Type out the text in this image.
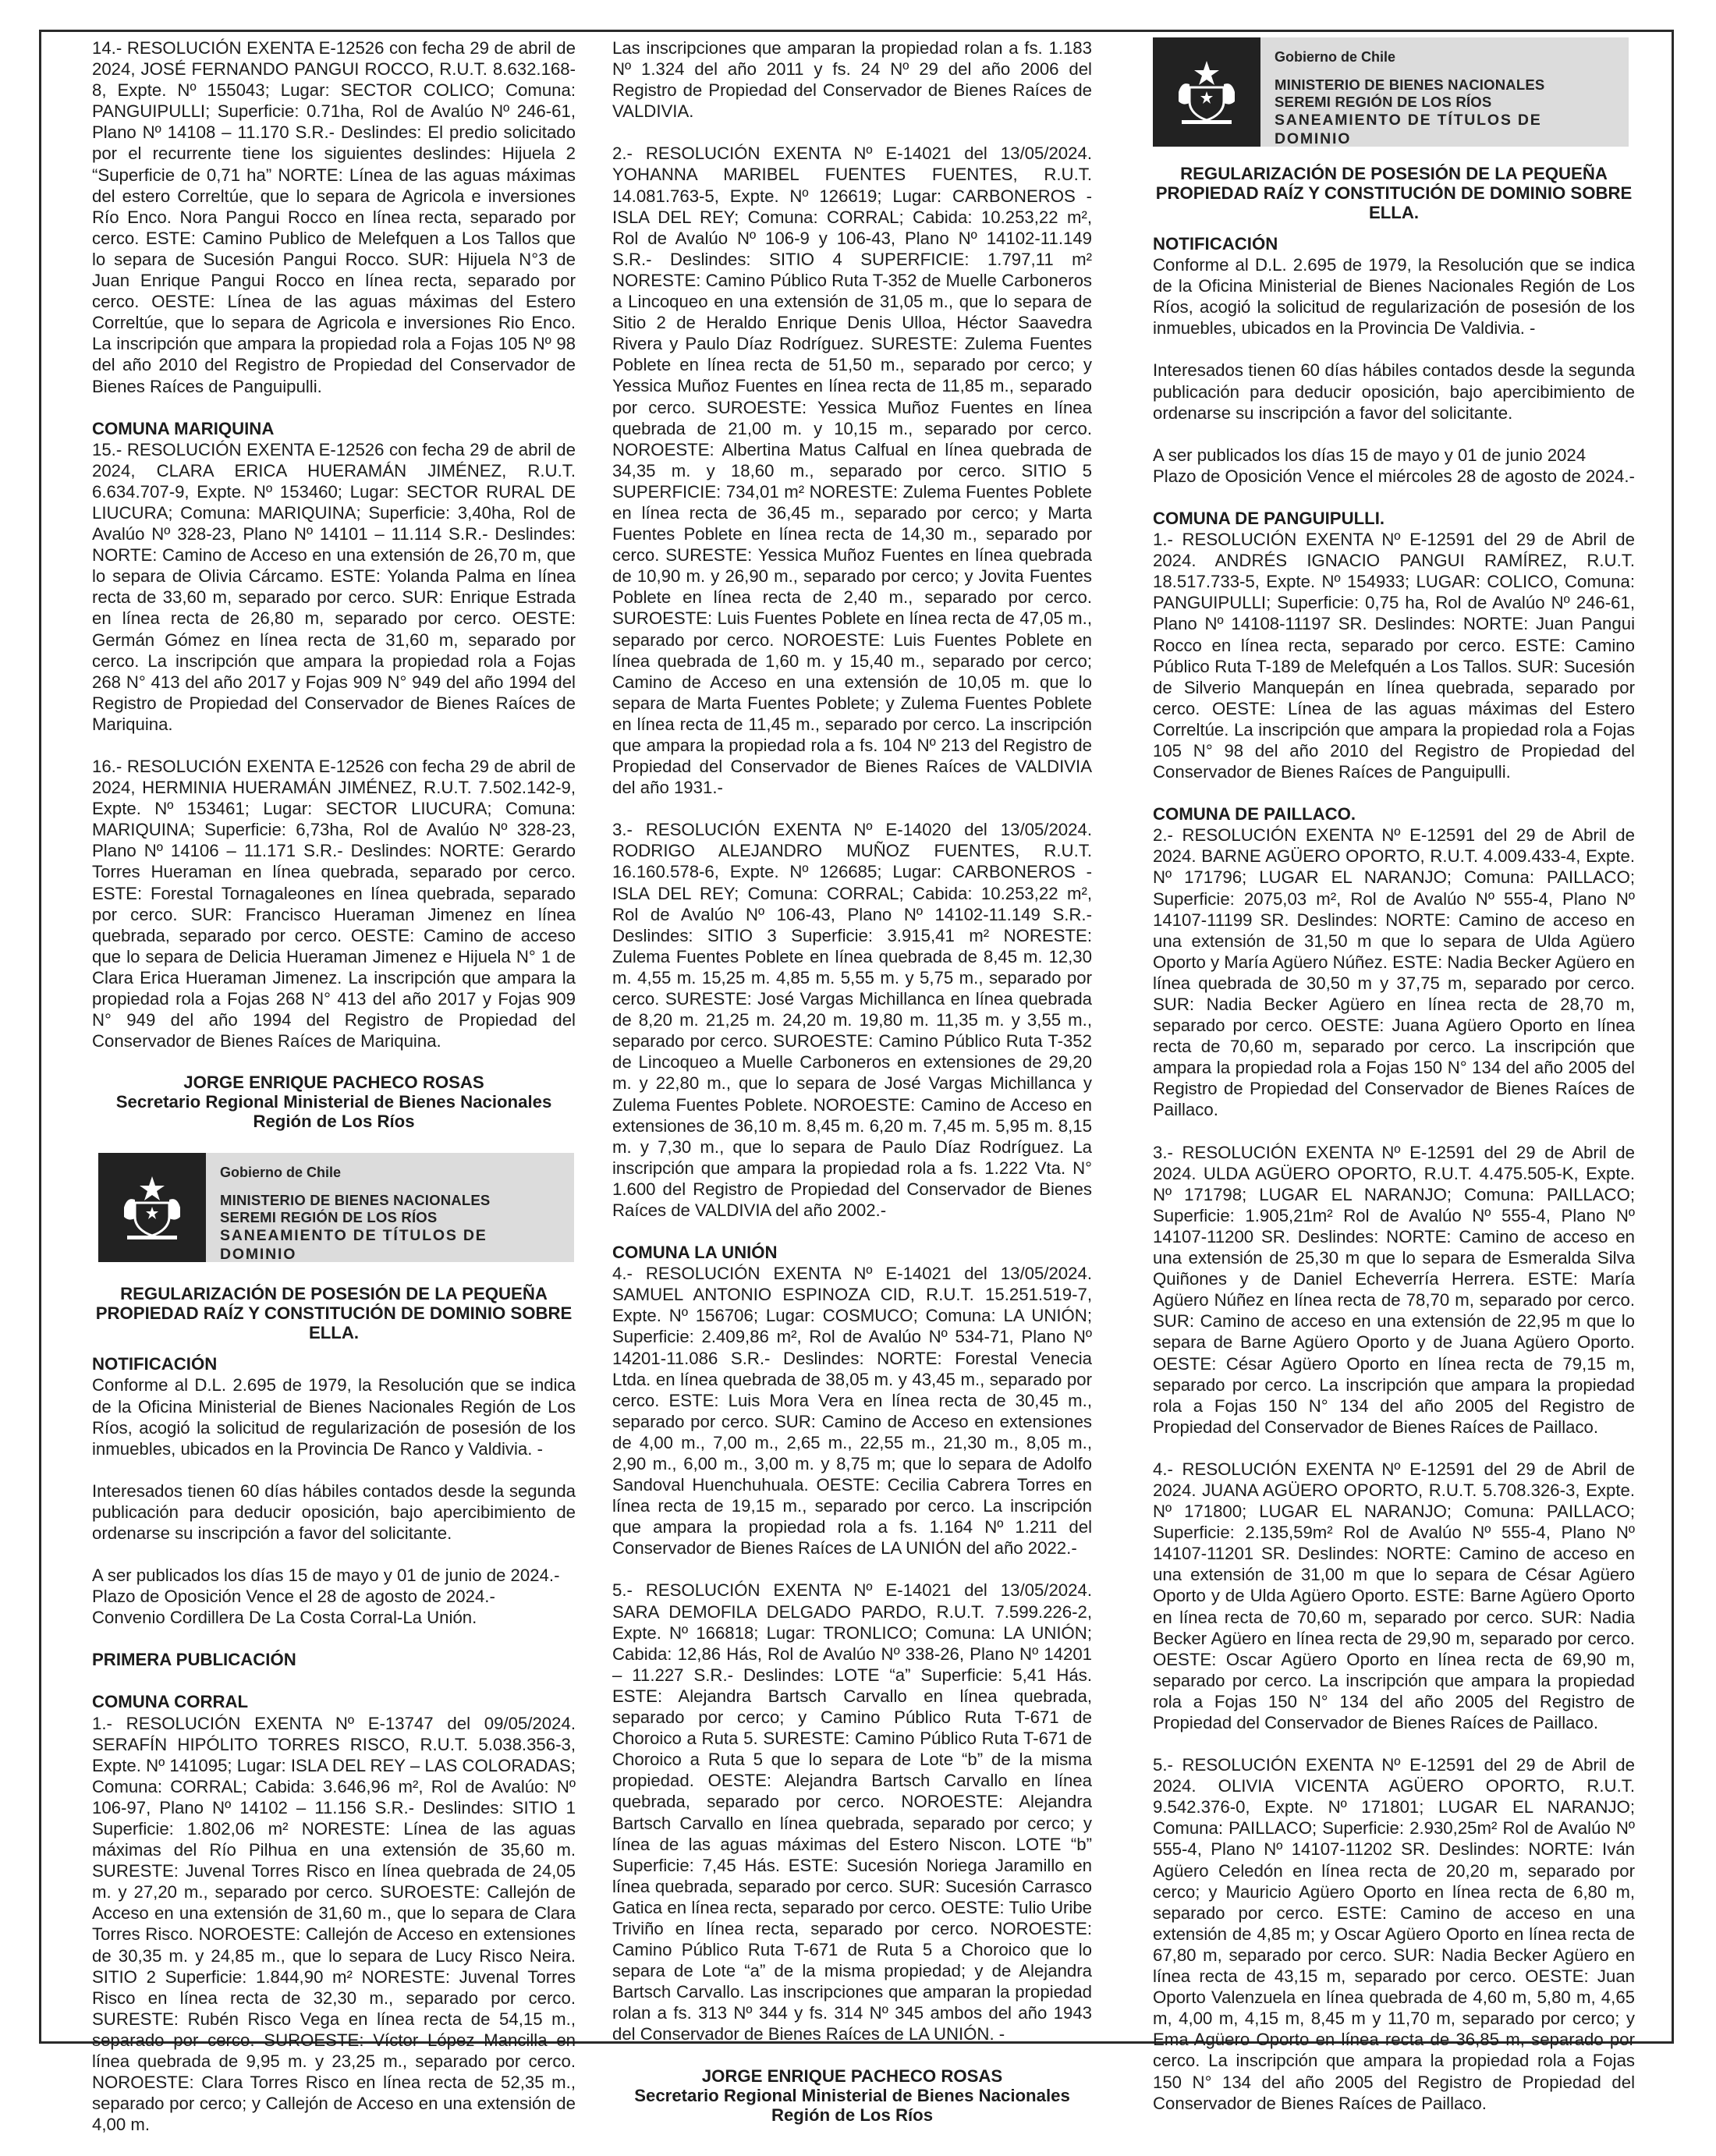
14.- RESOLUCIÓN EXENTA E-12526 con fecha 29 de abril de 2024, JOSÉ FERNANDO PANGUI ROCCO, R.U.T. 8.632.168-8, Expte. Nº 155043; Lugar: SECTOR COLICO; Comuna: PANGUIPULLI; Superficie: 0.71ha, Rol de Avalúo Nº 246-61, Plano Nº 14108 – 11.170 S.R.- Deslindes: El predio solicitado por el recurrente tiene los siguientes deslindes: Hijuela 2 “Superficie de 0,71 ha” NORTE: Línea de las aguas máximas del estero Correltúe, que lo separa de Agricola e inversiones Río Enco. Nora Pangui Rocco en línea recta, separado por cerco. ESTE: Camino Publico de Melefquen a Los Tallos que lo separa de Sucesión Pangui Rocco. SUR: Hijuela N°3 de Juan Enrique Pangui Rocco en línea recta, separado por cerco. OESTE: Línea de las aguas máximas del Estero Correltúe, que lo separa de Agricola e inversiones Rio Enco. La inscripción que ampara la propiedad rola a Fojas 105 Nº 98 del año 2010 del Registro de Propiedad del Conservador de Bienes Raíces de Panguipulli.

COMUNA MARIQUINA

15.- RESOLUCIÓN EXENTA E-12526 con fecha 29 de abril de 2024, CLARA ERICA HUERAMÁN JIMÉNEZ, R.U.T. 6.634.707-9, Expte. Nº 153460; Lugar: SECTOR RURAL DE LIUCURA; Comuna: MARIQUINA; Superficie: 3,40ha, Rol de Avalúo Nº 328-23, Plano Nº 14101 – 11.114 S.R.- Deslindes: NORTE: Camino de Acceso en una extensión de 26,70 m, que lo separa de Olivia Cárcamo. ESTE: Yolanda Palma en línea recta de 33,60 m, separado por cerco. SUR: Enrique Estrada en línea recta de 26,80 m, separado por cerco. OESTE: Germán Gómez en línea recta de 31,60 m, separado por cerco. La inscripción que ampara la propiedad rola a Fojas 268 N° 413 del año 2017 y Fojas 909 N° 949 del año 1994 del Registro de Propiedad del Conservador de Bienes Raíces de Mariquina.

16.- RESOLUCIÓN EXENTA E-12526 con fecha 29 de abril de 2024, HERMINIA HUERAMÁN JIMÉNEZ, R.U.T. 7.502.142-9, Expte. Nº 153461; Lugar: SECTOR LIUCURA; Comuna: MARIQUINA; Superficie: 6,73ha, Rol de Avalúo Nº 328-23, Plano Nº 14106 – 11.171 S.R.- Deslindes: NORTE: Gerardo Torres Hueraman en línea quebrada, separado por cerco. ESTE: Forestal Tornagaleones en línea quebrada, separado por cerco. SUR: Francisco Hueraman Jimenez en línea quebrada, separado por cerco. OESTE: Camino de acceso que lo separa de Delicia Hueraman Jimenez e Hijuela N° 1 de Clara Erica Hueraman Jimenez. La inscripción que ampara la propiedad rola a Fojas 268 N° 413 del año 2017 y Fojas 909 N° 949 del año 1994 del Registro de Propiedad del Conservador de Bienes Raíces de Mariquina.

JORGE ENRIQUE PACHECO ROSAS
Secretario Regional Ministerial de Bienes Nacionales
Región de Los Ríos
Gobierno de Chile
MINISTERIO DE BIENES NACIONALES
SEREMI REGIÓN DE LOS RÍOS
SANEAMIENTO DE TÍTULOS DE DOMINIO
REGULARIZACIÓN DE POSESIÓN DE LA PEQUEÑA
PROPIEDAD RAÍZ Y CONSTITUCIÓN DE DOMINIO SOBRE ELLA.
NOTIFICACIÓN

Conforme al D.L. 2.695 de 1979, la Resolución que se indica de la Oficina Ministerial de Bienes Nacionales Región de Los Ríos, acogió la solicitud de regularización de posesión de los inmuebles, ubicados en la Provincia De Ranco y Valdivia. -

Interesados tienen 60 días hábiles contados desde la segunda publicación para deducir oposición, bajo apercibimiento de ordenarse su inscripción a favor del solicitante.

A ser publicados los días 15 de mayo y 01 de junio de 2024.-

Plazo de Oposición Vence el 28 de agosto de 2024.-

Convenio Cordillera De La Costa Corral-La Unión.

PRIMERA PUBLICACIÓN
COMUNA CORRAL

1.- RESOLUCIÓN EXENTA Nº E-13747 del 09/05/2024. SERAFÍN HIPÓLITO TORRES RISCO, R.U.T. 5.038.356-3, Expte. Nº 141095; Lugar: ISLA DEL REY – LAS COLORADAS; Comuna: CORRAL; Cabida: 3.646,96 m², Rol de Avalúo: Nº 106-97, Plano Nº 14102 – 11.156 S.R.- Deslindes: SITIO 1 Superficie: 1.802,06 m² NORESTE: Línea de las aguas máximas del Río Pilhua en una extensión de 35,60 m. SURESTE: Juvenal Torres Risco en línea quebrada de 24,05 m. y 27,20 m., separado por cerco. SUROESTE: Callejón de Acceso en una extensión de 31,60 m., que lo separa de Clara Torres Risco. NOROESTE: Callejón de Acceso en extensiones de 30,35 m. y 24,85 m., que lo separa de Lucy Risco Neira. SITIO 2 Superficie: 1.844,90 m² NORESTE: Juvenal Torres Risco en línea recta de 32,30 m., separado por cerco. SURESTE: Rubén Risco Vega en línea recta de 54,15 m., separado por cerco. SUROESTE: Víctor López Mancilla en línea quebrada de 9,95 m. y 23,25 m., separado por cerco. NOROESTE: Clara Torres Risco en línea recta de 52,35 m., separado por cerco; y Callejón de Acceso en una extensión de 4,00 m.

Las inscripciones que amparan la propiedad rolan a fs. 1.183 Nº 1.324 del año 2011 y fs. 24 Nº 29 del año 2006 del Registro de Propiedad del Conservador de Bienes Raíces de VALDIVIA.

2.- RESOLUCIÓN EXENTA Nº E-14021 del 13/05/2024. YOHANNA MARIBEL FUENTES FUENTES, R.U.T. 14.081.763-5, Expte. Nº 126619; Lugar: CARBONEROS - ISLA DEL REY; Comuna: CORRAL; Cabida: 10.253,22 m², Rol de Avalúo Nº 106-9 y 106-43, Plano Nº 14102-11.149 S.R.- Deslindes: SITIO 4 SUPERFICIE: 1.797,11 m² NORESTE: Camino Público Ruta T-352 de Muelle Carboneros a Lincoqueo en una extensión de 31,05 m., que lo separa de Sitio 2 de Heraldo Enrique Denis Ulloa, Héctor Saavedra Rivera y Paulo Díaz Rodríguez. SURESTE: Zulema Fuentes Poblete en línea recta de 51,50 m., separado por cerco; y Yessica Muñoz Fuentes en línea recta de 11,85 m., separado por cerco. SUROESTE: Yessica Muñoz Fuentes en línea quebrada de 21,00 m. y 10,15 m., separado por cerco. NOROESTE: Albertina Matus Calfual en línea quebrada de 34,35 m. y 18,60 m., separado por cerco. SITIO 5 SUPERFICIE: 734,01 m² NORESTE: Zulema Fuentes Poblete en línea recta de 36,45 m., separado por cerco; y Marta Fuentes Poblete en línea recta de 14,30 m., separado por cerco. SURESTE: Yessica Muñoz Fuentes en línea quebrada de 10,90 m. y 26,90 m., separado por cerco; y Jovita Fuentes Poblete en línea recta de 2,40 m., separado por cerco. SUROESTE: Luis Fuentes Poblete en línea recta de 47,05 m., separado por cerco. NOROESTE: Luis Fuentes Poblete en línea quebrada de 1,60 m. y 15,40 m., separado por cerco; Camino de Acceso en una extensión de 10,05 m. que lo separa de Marta Fuentes Poblete; y Zulema Fuentes Poblete en línea recta de 11,45 m., separado por cerco. La inscripción que ampara la propiedad rola a fs. 104 Nº 213 del Registro de Propiedad del Conservador de Bienes Raíces de VALDIVIA del año 1931.-

3.- RESOLUCIÓN EXENTA Nº E-14020 del 13/05/2024. RODRIGO ALEJANDRO MUÑOZ FUENTES, R.U.T. 16.160.578-6, Expte. Nº 126685; Lugar: CARBONEROS - ISLA DEL REY; Comuna: CORRAL; Cabida: 10.253,22 m², Rol de Avalúo Nº 106-43, Plano Nº 14102-11.149 S.R.- Deslindes: SITIO 3 Superficie: 3.915,41 m² NORESTE: Zulema Fuentes Poblete en línea quebrada de 8,45 m. 12,30 m. 4,55 m. 15,25 m. 4,85 m. 5,55 m. y 5,75 m., separado por cerco. SURESTE: José Vargas Michillanca en línea quebrada de 8,20 m. 21,25 m. 24,20 m. 19,80 m. 11,35 m. y 3,55 m., separado por cerco. SUROESTE: Camino Público Ruta T-352 de Lincoqueo a Muelle Carboneros en extensiones de 29,20 m. y 22,80 m., que lo separa de José Vargas Michillanca y Zulema Fuentes Poblete. NOROESTE: Camino de Acceso en extensiones de 36,10 m. 8,45 m. 6,20 m. 7,45 m. 5,95 m. 8,15 m. y 7,30 m., que lo separa de Paulo Díaz Rodríguez. La inscripción que ampara la propiedad rola a fs. 1.222 Vta. N° 1.600 del Registro de Propiedad del Conservador de Bienes Raíces de VALDIVIA del año 2002.-

COMUNA LA UNIÓN

4.- RESOLUCIÓN EXENTA Nº E-14021 del 13/05/2024. SAMUEL ANTONIO ESPINOZA CID, R.U.T. 15.251.519-7, Expte. Nº 156706; Lugar: COSMUCO; Comuna: LA UNIÓN; Superficie: 2.409,86 m², Rol de Avalúo Nº 534-71, Plano Nº 14201-11.086 S.R.- Deslindes: NORTE: Forestal Venecia Ltda. en línea quebrada de 38,05 m. y 43,45 m., separado por cerco. ESTE: Luis Mora Vera en línea recta de 30,45 m., separado por cerco. SUR: Camino de Acceso en extensiones de 4,00 m., 7,00 m., 2,65 m., 22,55 m., 21,30 m., 8,05 m., 2,90 m., 6,00 m., 3,00 m. y 8,75 m; que lo separa de Adolfo Sandoval Huenchuhuala. OESTE: Cecilia Cabrera Torres en línea recta de 19,15 m., separado por cerco. La inscripción que ampara la propiedad rola a fs. 1.164 Nº 1.211 del Conservador de Bienes Raíces de LA UNIÓN del año 2022.-

5.- RESOLUCIÓN EXENTA Nº E-14021 del 13/05/2024. SARA DEMOFILA DELGADO PARDO, R.U.T. 7.599.226-2, Expte. Nº 166818; Lugar: TRONLICO; Comuna: LA UNIÓN; Cabida: 12,86 Hás, Rol de Avalúo Nº 338-26, Plano Nº 14201 – 11.227 S.R.- Deslindes: LOTE “a” Superficie: 5,41 Hás. ESTE: Alejandra Bartsch Carvallo en línea quebrada, separado por cerco; y Camino Público Ruta T-671 de Choroico a Ruta 5. SURESTE: Camino Público Ruta T-671 de Choroico a Ruta 5 que lo separa de Lote “b” de la misma propiedad. OESTE: Alejandra Bartsch Carvallo en línea quebrada, separado por cerco. NOROESTE: Alejandra Bartsch Carvallo en línea quebrada, separado por cerco; y línea de las aguas máximas del Estero Niscon. LOTE “b” Superficie: 7,45 Hás. ESTE: Sucesión Noriega Jaramillo en línea quebrada, separado por cerco. SUR: Sucesión Carrasco Gatica en línea recta, separado por cerco. OESTE: Tulio Uribe Triviño en línea recta, separado por cerco. NOROESTE: Camino Público Ruta T-671 de Ruta 5 a Choroico que lo separa de Lote “a” de la misma propiedad; y de Alejandra Bartsch Carvallo. Las inscripciones que amparan la propiedad rolan a fs. 313 Nº 344 y fs. 314 Nº 345 ambos del año 1943 del Conservador de Bienes Raíces de LA UNIÓN. -

JORGE ENRIQUE PACHECO ROSAS
Secretario Regional Ministerial de Bienes Nacionales
Región de Los Ríos
Gobierno de Chile
MINISTERIO DE BIENES NACIONALES
SEREMI REGIÓN DE LOS RÍOS
SANEAMIENTO DE TÍTULOS DE DOMINIO
REGULARIZACIÓN DE POSESIÓN DE LA PEQUEÑA
PROPIEDAD RAÍZ Y CONSTITUCIÓN DE DOMINIO SOBRE ELLA.
NOTIFICACIÓN

Conforme al D.L. 2.695 de 1979, la Resolución que se indica de la Oficina Ministerial de Bienes Nacionales Región de Los Ríos, acogió la solicitud de regularización de posesión de los inmuebles, ubicados en la Provincia De Valdivia. -

Interesados tienen 60 días hábiles contados desde la segunda publicación para deducir oposición, bajo apercibimiento de ordenarse su inscripción a favor del solicitante.

A ser publicados los días 15 de mayo y 01 de junio 2024

Plazo de Oposición Vence el miércoles 28 de agosto de 2024.-

COMUNA DE PANGUIPULLI.

1.- RESOLUCIÓN EXENTA Nº E-12591 del 29 de Abril de 2024. ANDRÉS IGNACIO PANGUI RAMÍREZ, R.U.T. 18.517.733-5, Expte. Nº 154933; LUGAR: COLICO, Comuna: PANGUIPULLI; Superficie: 0,75 ha, Rol de Avalúo Nº 246-61, Plano Nº 14108-11197 SR. Deslindes: NORTE: Juan Pangui Rocco en línea recta, separado por cerco. ESTE: Camino Público Ruta T-189 de Melefquén a Los Tallos. SUR: Sucesión de Silverio Manquepán en línea quebrada, separado por cerco. OESTE: Línea de las aguas máximas del Estero Correltúe. La inscripción que ampara la propiedad rola a Fojas 105 N° 98 del año 2010 del Registro de Propiedad del Conservador de Bienes Raíces de Panguipulli.

COMUNA DE PAILLACO.

2.- RESOLUCIÓN EXENTA Nº E-12591 del 29 de Abril de 2024. BARNE AGÜERO OPORTO, R.U.T. 4.009.433-4, Expte. Nº 171796; LUGAR EL NARANJO; Comuna: PAILLACO; Superficie: 2075,03 m², Rol de Avalúo Nº 555-4, Plano Nº 14107-11199 SR. Deslindes: NORTE: Camino de acceso en una extensión de 31,50 m que lo separa de Ulda Agüero Oporto y María Agüero Núñez. ESTE: Nadia Becker Agüero en línea quebrada de 30,50 m y 37,75 m, separado por cerco. SUR: Nadia Becker Agüero en línea recta de 28,70 m, separado por cerco. OESTE: Juana Agüero Oporto en línea recta de 70,60 m, separado por cerco. La inscripción que ampara la propiedad rola a Fojas 150 N° 134 del año 2005 del Registro de Propiedad del Conservador de Bienes Raíces de Paillaco.

3.- RESOLUCIÓN EXENTA Nº E-12591 del 29 de Abril de 2024. ULDA AGÜERO OPORTO, R.U.T. 4.475.505-K, Expte. Nº 171798; LUGAR EL NARANJO; Comuna: PAILLACO; Superficie: 1.905,21m² Rol de Avalúo Nº 555-4, Plano Nº 14107-11200 SR. Deslindes: NORTE: Camino de acceso en una extensión de 25,30 m que lo separa de Esmeralda Silva Quiñones y de Daniel Echeverría Herrera. ESTE: María Agüero Núñez en línea recta de 78,70 m, separado por cerco. SUR: Camino de acceso en una extensión de 22,95 m que lo separa de Barne Agüero Oporto y de Juana Agüero Oporto. OESTE: César Agüero Oporto en línea recta de 79,15 m, separado por cerco. La inscripción que ampara la propiedad rola a Fojas 150 N° 134 del año 2005 del Registro de Propiedad del Conservador de Bienes Raíces de Paillaco.

4.- RESOLUCIÓN EXENTA Nº E-12591 del 29 de Abril de 2024. JUANA AGÜERO OPORTO, R.U.T. 5.708.326-3, Expte. Nº 171800; LUGAR EL NARANJO; Comuna: PAILLACO; Superficie: 2.135,59m² Rol de Avalúo Nº 555-4, Plano Nº 14107-11201 SR. Deslindes: NORTE: Camino de acceso en una extensión de 31,00 m que lo separa de César Agüero Oporto y de Ulda Agüero Oporto. ESTE: Barne Agüero Oporto en línea recta de 70,60 m, separado por cerco. SUR: Nadia Becker Agüero en línea recta de 29,90 m, separado por cerco. OESTE: Oscar Agüero Oporto en línea recta de 69,90 m, separado por cerco. La inscripción que ampara la propiedad rola a Fojas 150 N° 134 del año 2005 del Registro de Propiedad del Conservador de Bienes Raíces de Paillaco.

5.- RESOLUCIÓN EXENTA Nº E-12591 del 29 de Abril de 2024. OLIVIA VICENTA AGÜERO OPORTO, R.U.T. 9.542.376-0, Expte. Nº 171801; LUGAR EL NARANJO; Comuna: PAILLACO; Superficie: 2.930,25m² Rol de Avalúo Nº 555-4, Plano Nº 14107-11202 SR. Deslindes: NORTE: Iván Agüero Celedón en línea recta de 20,20 m, separado por cerco; y Mauricio Agüero Oporto en línea recta de 6,80 m, separado por cerco. ESTE: Camino de acceso en una extensión de 4,85 m; y Oscar Agüero Oporto en línea recta de 67,80 m, separado por cerco. SUR: Nadia Becker Agüero en línea recta de 43,15 m, separado por cerco. OESTE: Juan Oporto Valenzuela en línea quebrada de 4,60 m, 5,80 m, 4,65 m, 4,00 m, 4,15 m, 8,45 m y 11,70 m, separado por cerco; y Ema Agüero Oporto en línea recta de 36,85 m, separado por cerco. La inscripción que ampara la propiedad rola a Fojas 150 N° 134 del año 2005 del Registro de Propiedad del Conservador de Bienes Raíces de Paillaco.
